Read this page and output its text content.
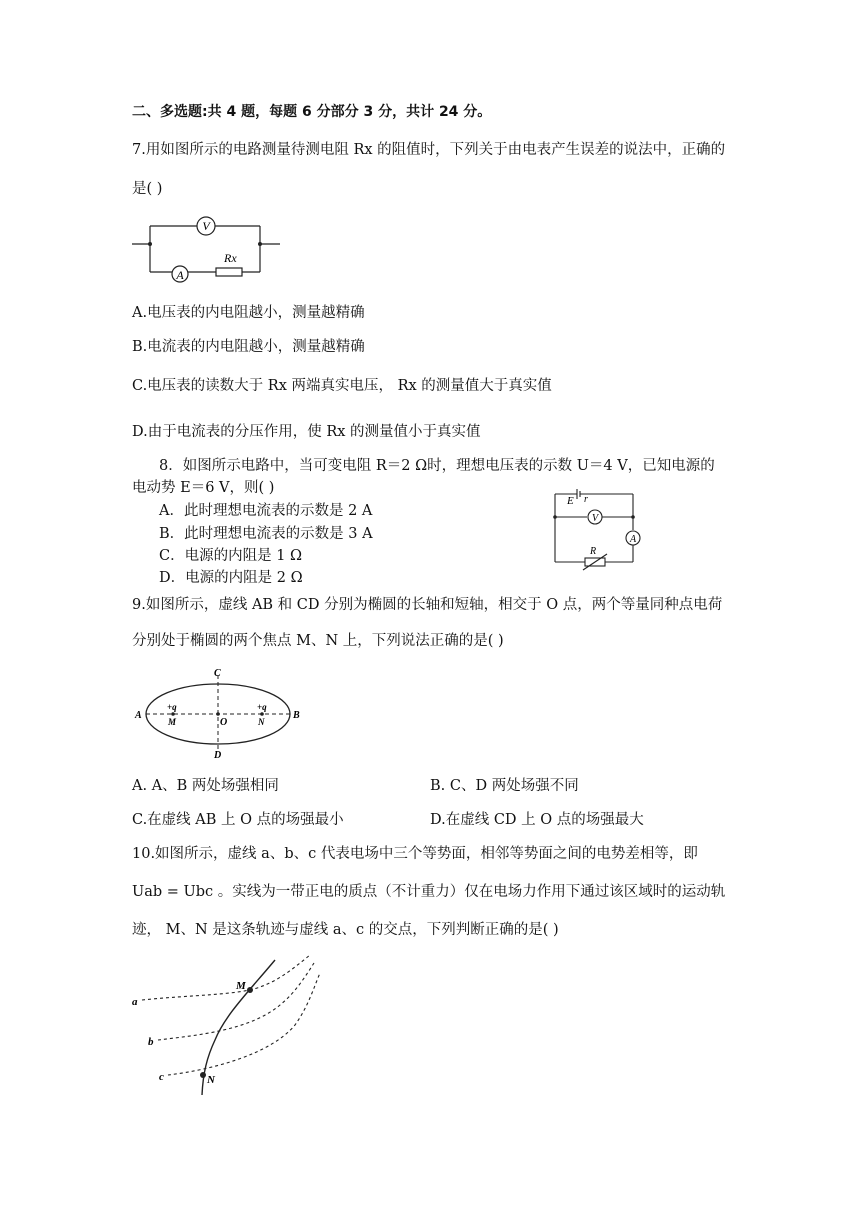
二、多选题:共 4 题，每题 6 分部分 3 分，共计 24 分。
7.用如图所示的电路测量待测电阻 Rx 的阻值时，下列关于由电表产生误差的说法中，正确的
是( )
V
A
Rx
A.电压表的内电阻越小，测量越精确
B.电流表的内电阻越小，测量越精确
C.电压表的读数大于 Rx 两端真实电压， Rx 的测量值大于真实值
D.由于电流表的分压作用，使 Rx 的测量值小于真实值
8．如图所示电路中，当可变电阻 R＝2 Ω时，理想电压表的示数 U＝4 V，已知电源的
电动势 E＝6 V，则( )
A．此时理想电流表的示数是 2 A
B．此时理想电流表的示数是 3 A
C．电源的内阻是 1 Ω
D．电源的内阻是 2 Ω
E r
V
A
R
9.如图所示，虚线 AB 和 CD 分别为椭圆的长轴和短轴，相交于 O 点，两个等量同种点电荷
分别处于椭圆的两个焦点 M、N 上，下列说法正确的是( )
A	B
C
D
O
M	N
+q	+q
A. A、B 两处场强相同	B. C、D 两处场强不同
C.在虚线 AB 上 O 点的场强最小	D.在虚线 CD 上 O 点的场强最大
10.如图所示，虚线 a、b、c 代表电场中三个等势面，相邻等势面之间的电势差相等，即
Uab = Ubc 。实线为一带正电的质点（不计重力）仅在电场力作用下通过该区域时的运动轨
迹， M、N 是这条轨迹与虚线 a、c 的交点，下列判断正确的是( )
a
b
c
M
N
